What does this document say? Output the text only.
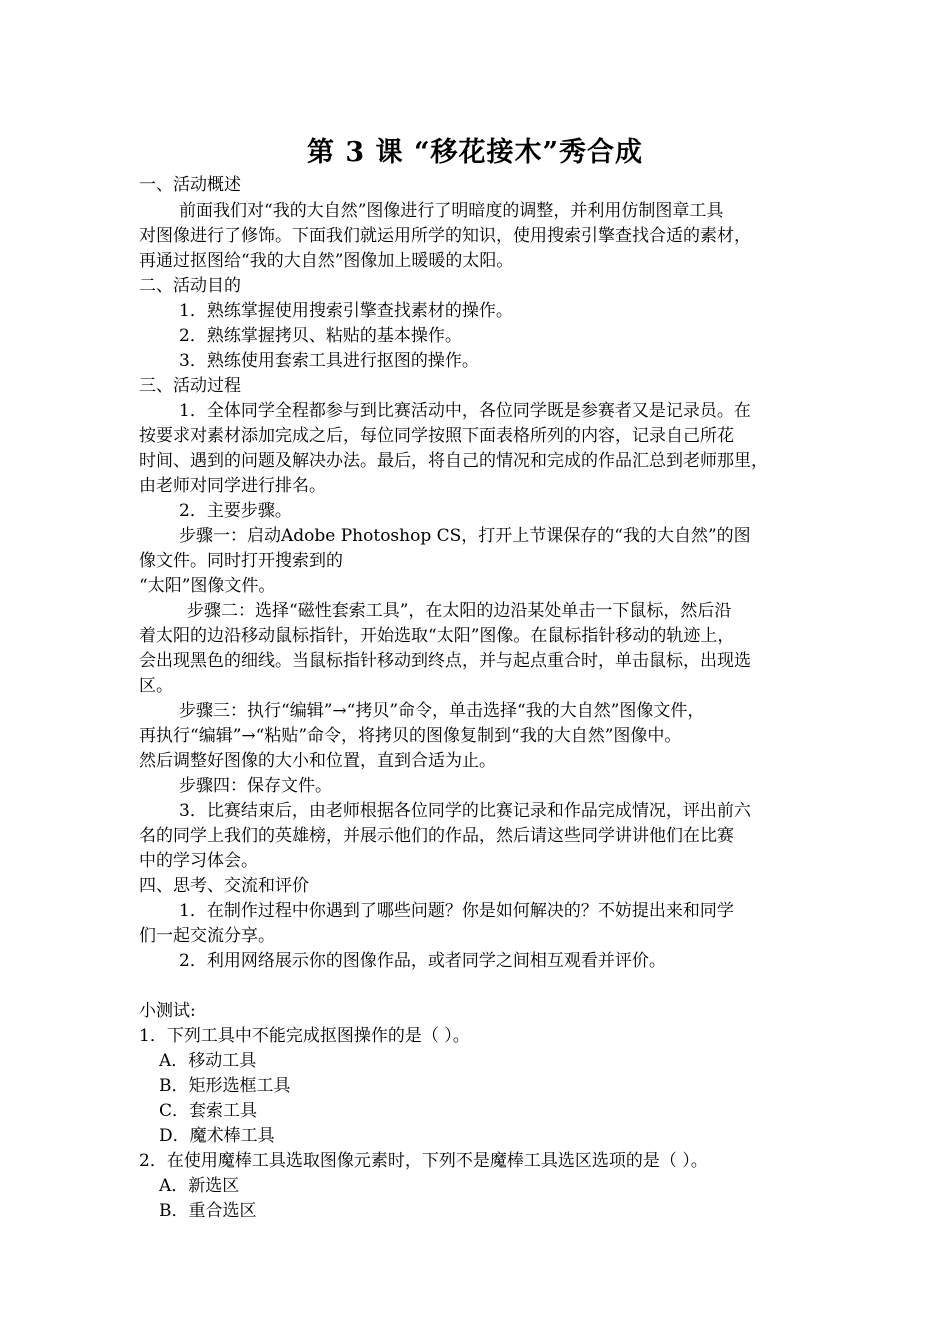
第 3 课 “移花接木”秀合成
一、活动概述
前面我们对“我的大自然”图像进行了明暗度的调整，并利用仿制图章工具
对图像进行了修饰。下面我们就运用所学的知识，使用搜索引擎查找合适的素材，
再通过抠图给“我的大自然”图像加上暖暖的太阳。
二、活动目的
1．熟练掌握使用搜索引擎查找素材的操作。
2．熟练掌握拷贝、粘贴的基本操作。
3．熟练使用套索工具进行抠图的操作。
三、活动过程
1．全体同学全程都参与到比赛活动中，各位同学既是参赛者又是记录员。在
按要求对素材添加完成之后，每位同学按照下面表格所列的内容，记录自己所花
时间、遇到的问题及解决办法。最后，将自己的情况和完成的作品汇总到老师那里，
由老师对同学进行排名。
2．主要步骤。
步骤一：启动Adobe Photoshop CS，打开上节课保存的“我的大自然”的图
像文件。同时打开搜索到的
“太阳”图像文件。
步骤二：选择“磁性套索工具”，在太阳的边沿某处单击一下鼠标，然后沿
着太阳的边沿移动鼠标指针，开始选取“太阳”图像。在鼠标指针移动的轨迹上，
会出现黑色的细线。当鼠标指针移动到终点，并与起点重合时，单击鼠标，出现选
区。
步骤三：执行“编辑”→“拷贝”命令，单击选择“我的大自然”图像文件，
再执行“编辑”→“粘贴”命令，将拷贝的图像复制到“我的大自然”图像中。
然后调整好图像的大小和位置，直到合适为止。
步骤四：保存文件。
3．比赛结束后，由老师根据各位同学的比赛记录和作品完成情况，评出前六
名的同学上我们的英雄榜，并展示他们的作品，然后请这些同学讲讲他们在比赛
中的学习体会。
四、思考、交流和评价
1．在制作过程中你遇到了哪些问题？你是如何解决的？不妨提出来和同学
们一起交流分享。
2．利用网络展示你的图像作品，或者同学之间相互观看并评价。
小测试:
1．下列工具中不能完成抠图操作的是（ ）。
A．移动工具
B．矩形选框工具
C．套索工具
D．魔术棒工具
2．在使用魔棒工具选取图像元素时，下列不是魔棒工具选区选项的是（ ）。
A．新选区
B．重合选区
